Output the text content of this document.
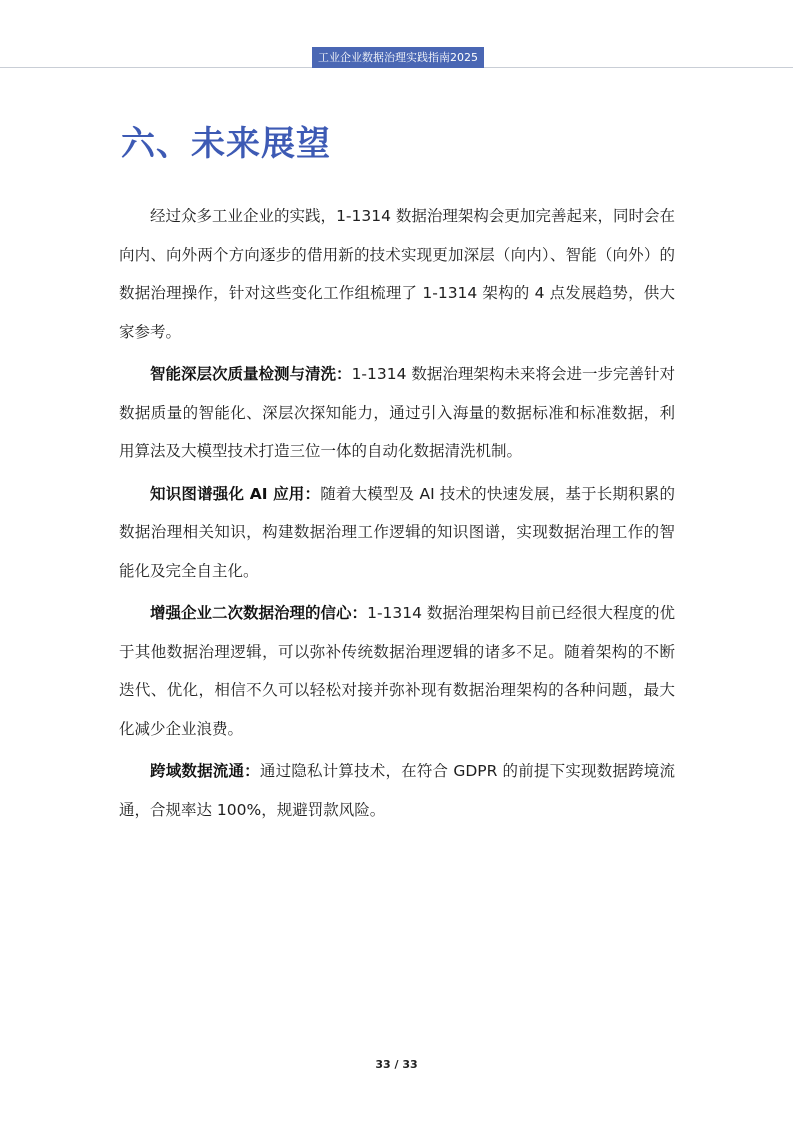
工业企业数据治理实践指南2025
六、未来展望

经过众多工业企业的实践，1-1314 数据治理架构会更加完善起来，同时会在向内、向外两个方向逐步的借用新的技术实现更加深层（向内）、智能（向外）的数据治理操作，针对这些变化工作组梳理了 1-1314 架构的 4 点发展趋势，供大家参考。

智能深层次质量检测与清洗：1-1314 数据治理架构未来将会进一步完善针对数据质量的智能化、深层次探知能力，通过引入海量的数据标准和标准数据，利用算法及大模型技术打造三位一体的自动化数据清洗机制。

知识图谱强化 AI 应用：随着大模型及 AI 技术的快速发展，基于长期积累的数据治理相关知识，构建数据治理工作逻辑的知识图谱，实现数据治理工作的智能化及完全自主化。

增强企业二次数据治理的信心：1-1314 数据治理架构目前已经很大程度的优于其他数据治理逻辑，可以弥补传统数据治理逻辑的诸多不足。随着架构的不断迭代、优化，相信不久可以轻松对接并弥补现有数据治理架构的各种问题，最大化减少企业浪费。

跨域数据流通：通过隐私计算技术，在符合 GDPR 的前提下实现数据跨境流通，合规率达 100%，规避罚款风险。

33 / 33
